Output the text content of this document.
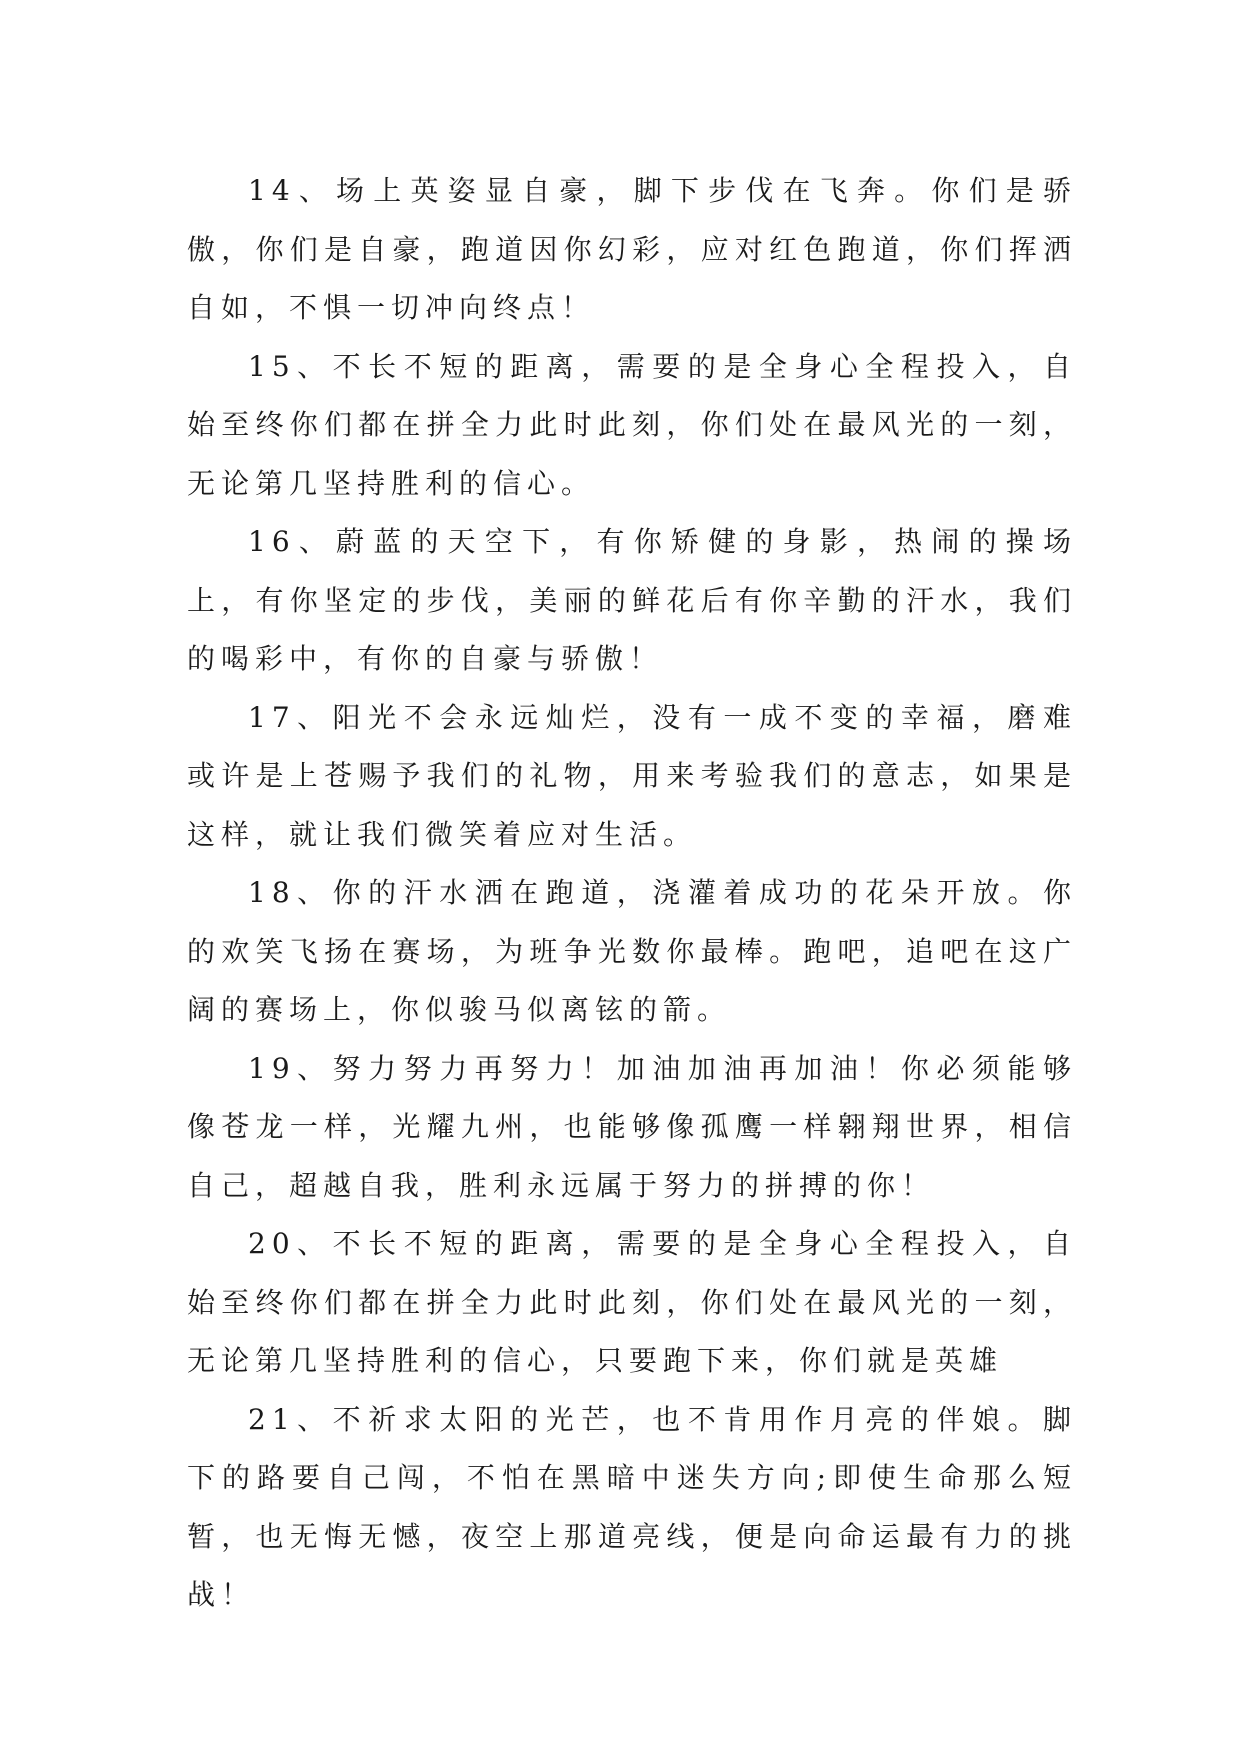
14、场上英姿显自豪，脚下步伐在飞奔。你们是骄傲，你们是自豪，跑道因你幻彩，应对红色跑道，你们挥洒自如，不惧一切冲向终点！

15、不长不短的距离，需要的是全身心全程投入，自始至终你们都在拼全力此时此刻，你们处在最风光的一刻，无论第几坚持胜利的信心。

16、蔚蓝的天空下，有你矫健的身影，热闹的操场上，有你坚定的步伐，美丽的鲜花后有你辛勤的汗水，我们的喝彩中，有你的自豪与骄傲！

17、阳光不会永远灿烂，没有一成不变的幸福，磨难或许是上苍赐予我们的礼物，用来考验我们的意志，如果是这样，就让我们微笑着应对生活。

18、你的汗水洒在跑道，浇灌着成功的花朵开放。你的欢笑飞扬在赛场，为班争光数你最棒。跑吧，追吧在这广阔的赛场上，你似骏马似离铉的箭。

19、努力努力再努力！加油加油再加油！你必须能够像苍龙一样，光耀九州，也能够像孤鹰一样翱翔世界，相信自己，超越自我，胜利永远属于努力的拼搏的你！

20、不长不短的距离，需要的是全身心全程投入，自始至终你们都在拼全力此时此刻，你们处在最风光的一刻，无论第几坚持胜利的信心，只要跑下来，你们就是英雄

21、不祈求太阳的光芒，也不肯用作月亮的伴娘。脚下的路要自己闯，不怕在黑暗中迷失方向;即使生命那么短暂，也无悔无憾，夜空上那道亮线，便是向命运最有力的挑战！
